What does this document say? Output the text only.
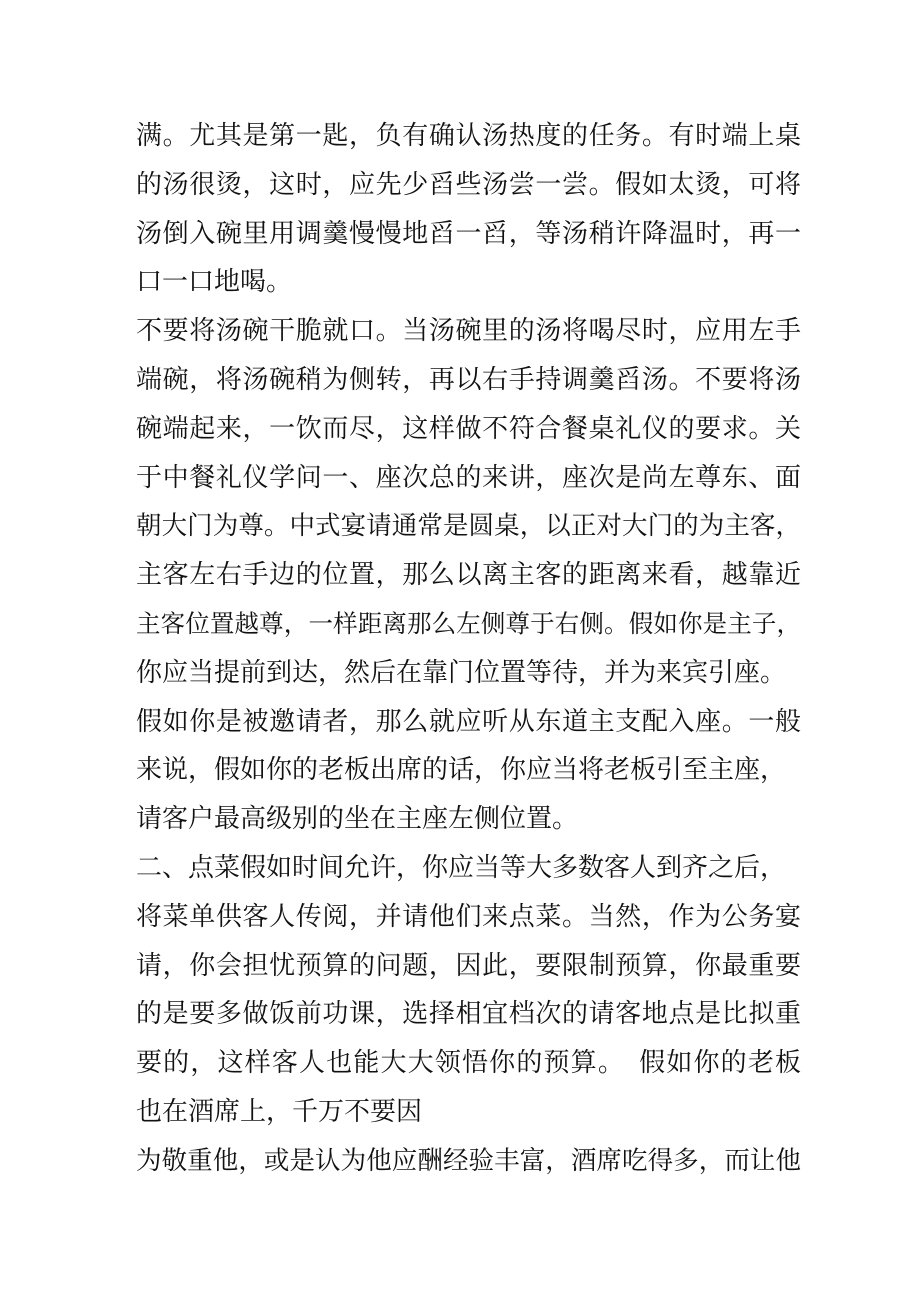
满。尤其是第一匙，负有确认汤热度的任务。有时端上桌
的汤很烫，这时，应先少舀些汤尝一尝。假如太烫，可将
汤倒入碗里用调羹慢慢地舀一舀，等汤稍许降温时，再一
口一口地喝。
不要将汤碗干脆就口。当汤碗里的汤将喝尽时，应用左手
端碗，将汤碗稍为侧转，再以右手持调羹舀汤。不要将汤
碗端起来，一饮而尽，这样做不符合餐桌礼仪的要求。关
于中餐礼仪学问一、座次总的来讲，座次是尚左尊东、面
朝大门为尊。中式宴请通常是圆桌，以正对大门的为主客，
主客左右手边的位置，那么以离主客的距离来看，越靠近
主客位置越尊，一样距离那么左侧尊于右侧。假如你是主子，
你应当提前到达，然后在靠门位置等待，并为来宾引座。
假如你是被邀请者，那么就应听从东道主支配入座。一般
来说，假如你的老板出席的话，你应当将老板引至主座，
请客户最高级别的坐在主座左侧位置。
二、点菜假如时间允许，你应当等大多数客人到齐之后，
将菜单供客人传阅，并请他们来点菜。当然，作为公务宴
请，你会担忧预算的问题，因此，要限制预算，你最重要
的是要多做饭前功课，选择相宜档次的请客地点是比拟重
要的，这样客人也能大大领悟你的预算。　假如你的老板
也在酒席上，千万不要因
为敬重他，或是认为他应酬经验丰富，酒席吃得多，而让他
